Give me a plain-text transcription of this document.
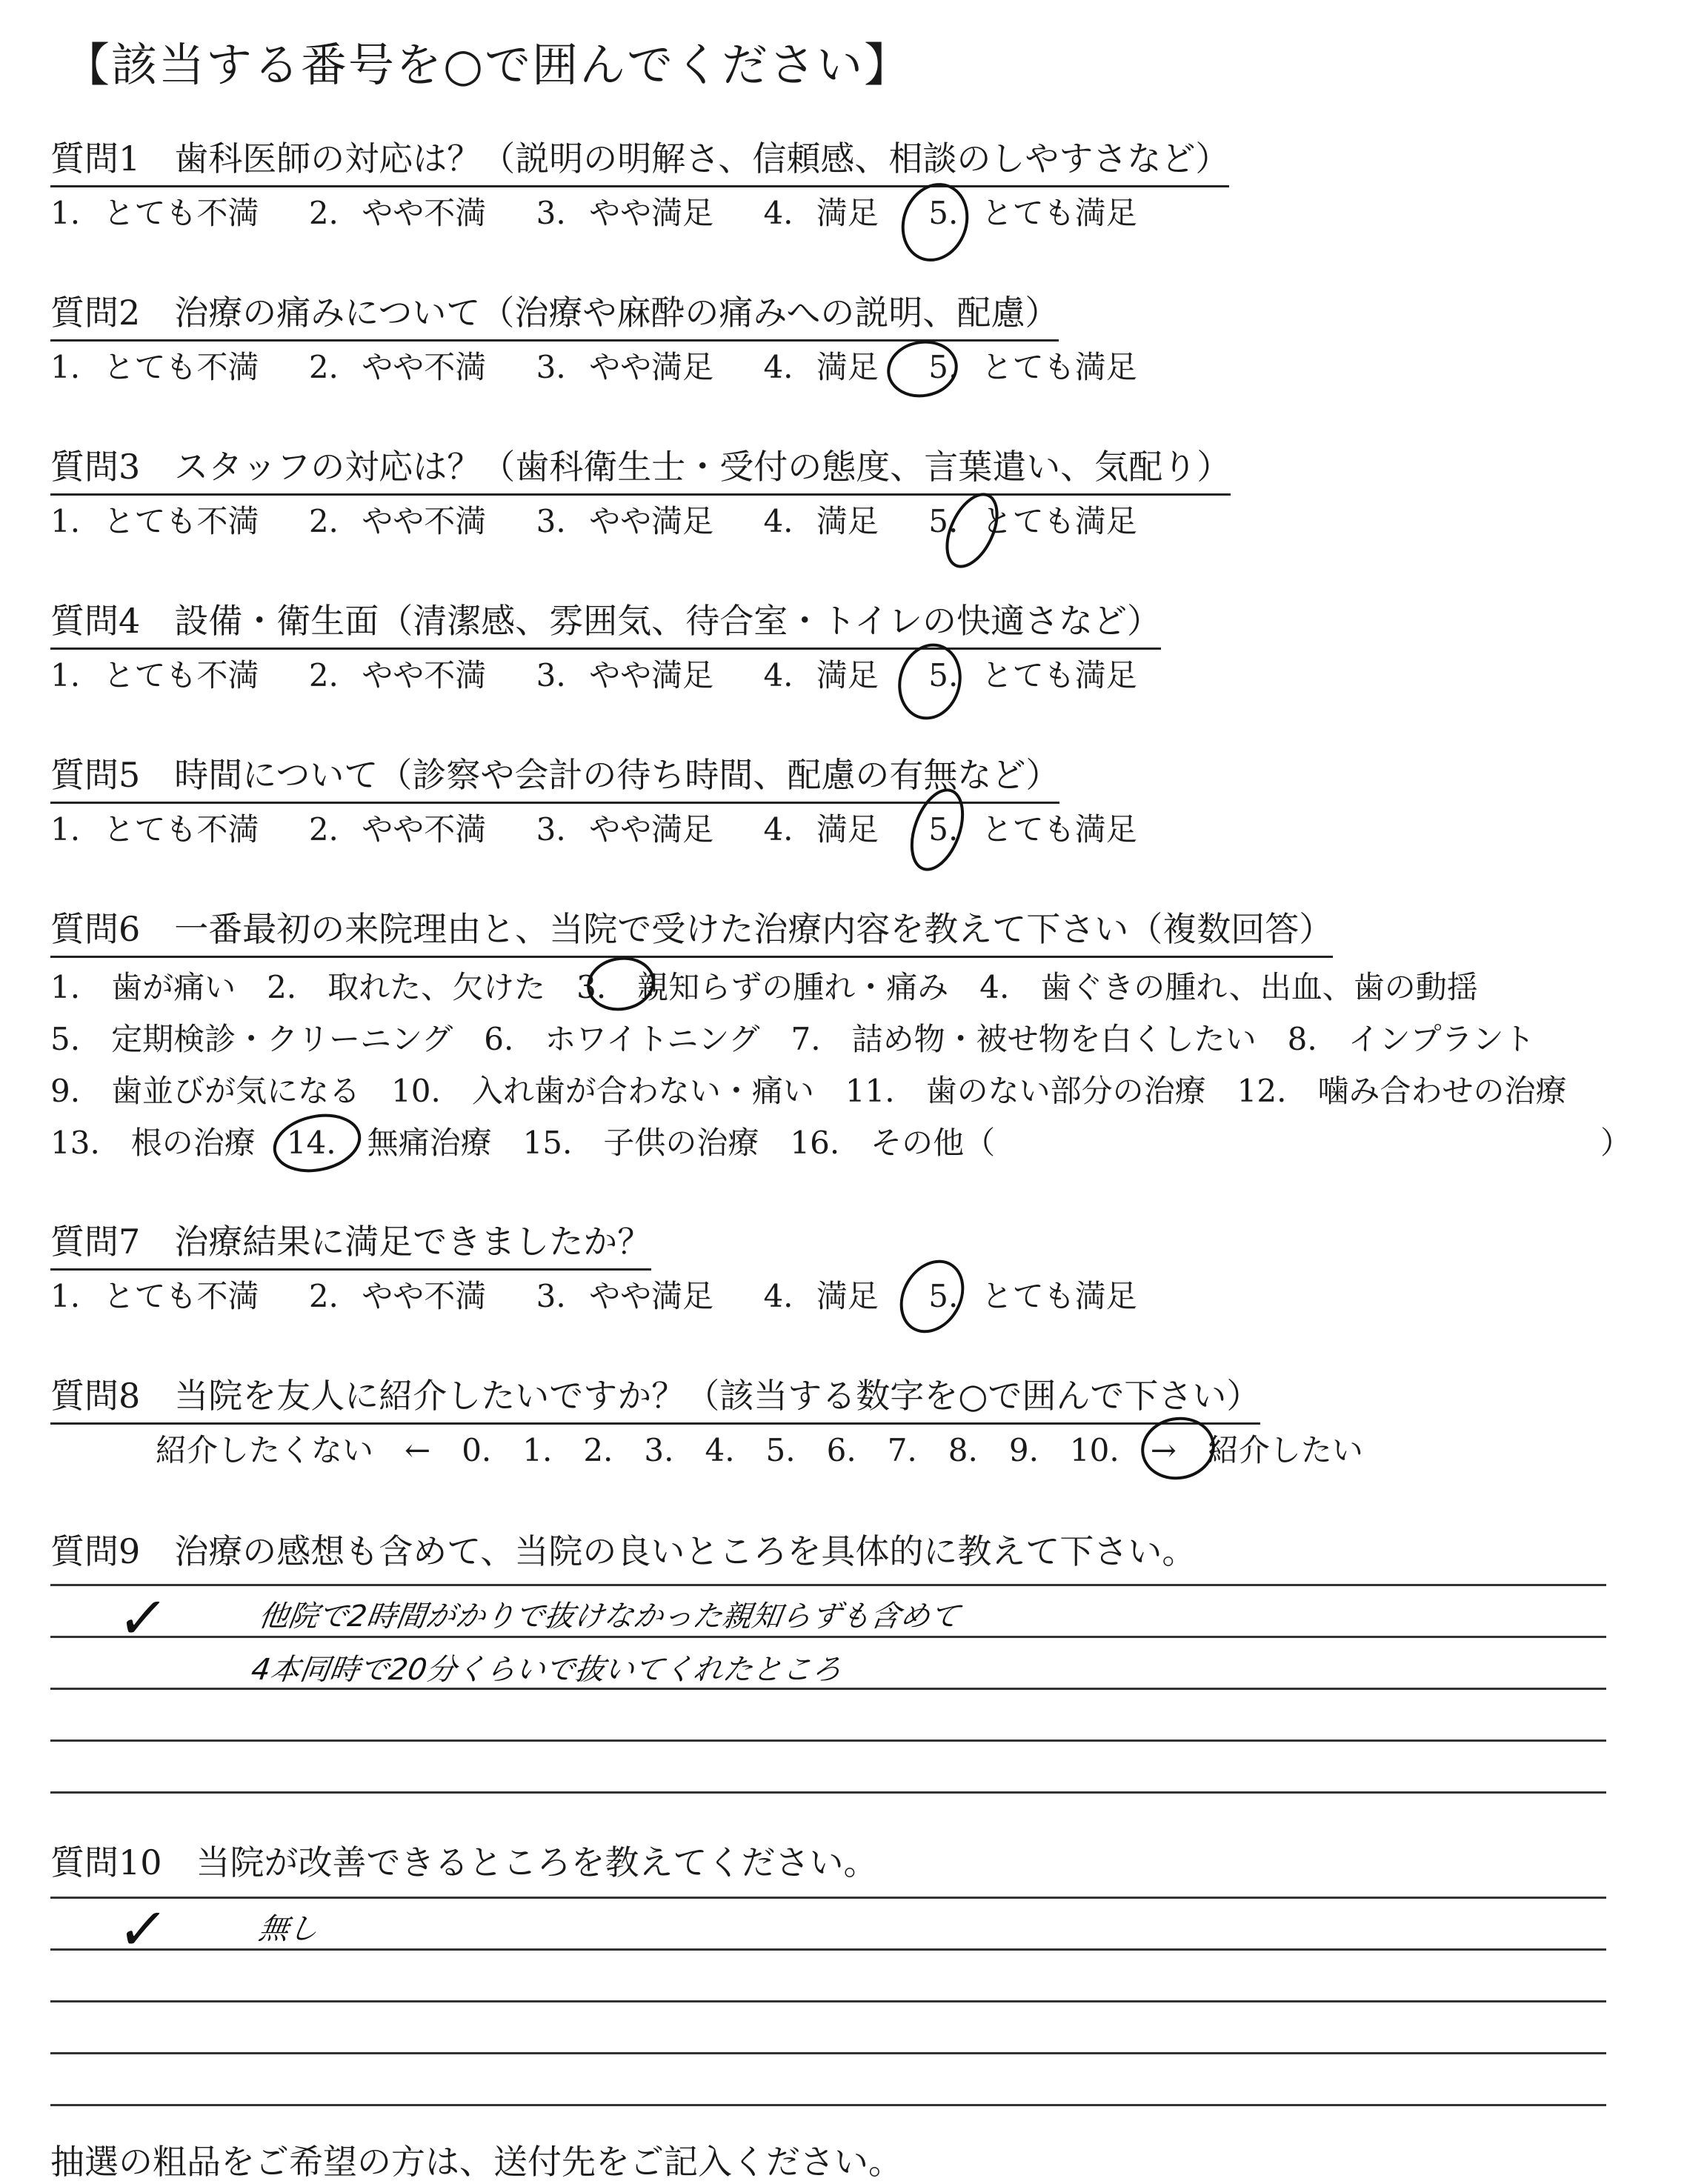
【該当する番号を○で囲んでください】
質問1　歯科医師の対応は？（説明の明解さ、信頼感、相談のしやすさなど）
1. とても不満 2. やや不満 3. やや満足 4. 満足 5. とても満足
質問2　治療の痛みについて（治療や麻酔の痛みへの説明、配慮）
1. とても不満 2. やや不満 3. やや満足 4. 満足 5. とても満足
質問3　スタッフの対応は？（歯科衛生士・受付の態度、言葉遣い、気配り）
1. とても不満 2. やや不満 3. やや満足 4. 満足 5. とても満足
質問4　設備・衛生面（清潔感、雰囲気、待合室・トイレの快適さなど）
1. とても不満 2. やや不満 3. やや満足 4. 満足 5. とても満足
質問5　時間について（診察や会計の待ち時間、配慮の有無など）
1. とても不満 2. やや不満 3. やや満足 4. 満足 5. とても満足
質問6　一番最初の来院理由と、当院で受けた治療内容を教えて下さい（複数回答）
1.　歯が痛い　2.　取れた、欠けた　3.　親知らずの腫れ・痛み　4.　歯ぐきの腫れ、出血、歯の動揺
5.　定期検診・クリーニング　6.　ホワイトニング　7.　詰め物・被せ物を白くしたい　8.　インプラント
9.　歯並びが気になる　10.　入れ歯が合わない・痛い　11.　歯のない部分の治療　12.　噛み合わせの治療
13.　根の治療　14.　無痛治療　15.　子供の治療　16.　その他（	）
質問7　治療結果に満足できましたか？
1. とても不満 2. やや不満 3. やや満足 4. 満足 5. とても満足
質問8　当院を友人に紹介したいですか？（該当する数字を○で囲んで下さい）
紹介したくない　←　0.　1.　2.　3.　4.　5.　6.　7.　8.　9.　10.　→　紹介したい
質問9　治療の感想も含めて、当院の良いところを具体的に教えて下さい。
✓	他院で2時間がかりで抜けなかった親知らずも含めて
4本同時で20分くらいで抜いてくれたところ
質問10　当院が改善できるところを教えてください。
✓	無し
抽選の粗品をご希望の方は、送付先をご記入ください。
